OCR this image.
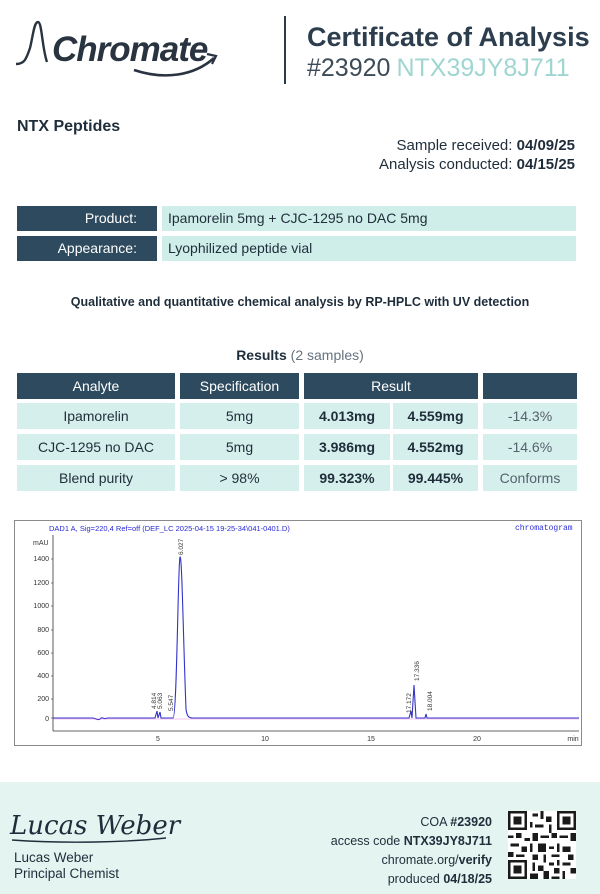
Chromate	Certificate of Analysis
#23920 NTX39JY8J711
NTX Peptides
Sample received: 04/09/25
Analysis conducted: 04/15/25
Product:	Ipamorelin 5mg + CJC-1295 no DAC 5mg
Appearance:	Lyophilized peptide vial
Qualitative and quantitative chemical analysis by RP-HPLC with UV detection
Results (2 samples)
Analyte	Specification	Result
Ipamorelin	5mg	4.013mg	4.559mg	-14.3%
CJC-1295 no DAC	5mg	3.986mg	4.552mg	-14.6%
Blend purity	> 98%	99.323%	99.445%	Conforms
DAD1 A, Sig=220,4 Ref=off (DEF_LC 2025-04-15 19-25-34\041-0401.D)	chromatogram
mAU
0
200
400
600
800
1000
1200
1400
5	10	15	20	min
4.814 5.063 5.547
6.027
17.172
17.336
18.004
Lucas Weber
Lucas Weber
Principal Chemist
COA #23920
access code NTX39JY8J711
chromate.org/verify
produced 04/18/25
